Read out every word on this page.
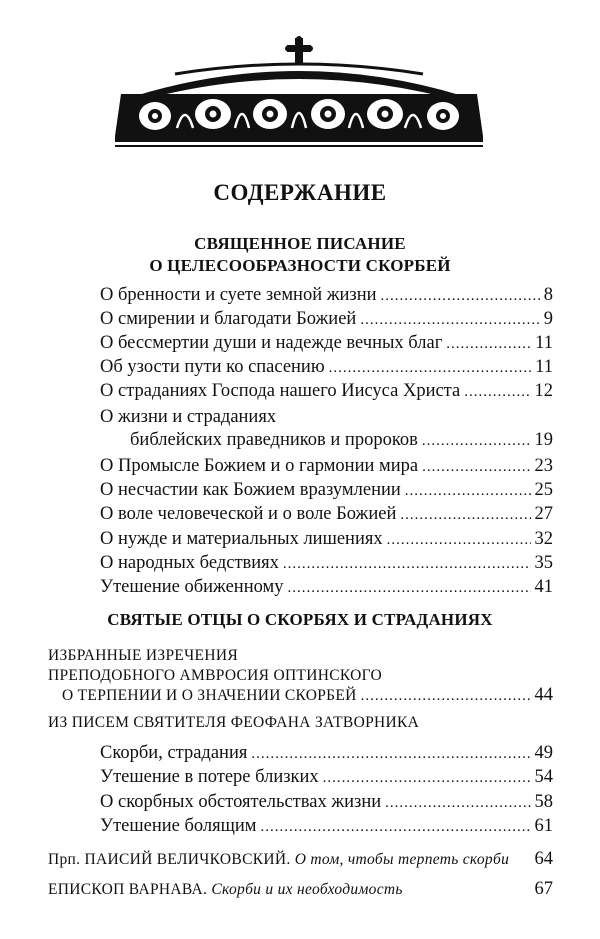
СОДЕРЖАНИЕ
СВЯЩЕННОЕ ПИСАНИЕ
О ЦЕЛЕСООБРАЗНОСТИ СКОРБЕЙ
О бренности и суете земной жизни .....	8
О смирении и благодати Божией .....	9
О бессмертии души и надежде вечных благ .....	11
Об узости пути ко спасению .....	11
О страданиях Господа нашего Иисуса Христа .....	12
О жизни и страданиях
библейских праведников и пророков .....	19
О Промысле Божием и о гармонии мира .....	23
О несчастии как Божием вразумлении .....	25
О воле человеческой и о воле Божией .....	27
О нужде и материальных лишениях .....	32
О народных бедствиях .....	35
Утешение обиженному .....	41
СВЯТЫЕ ОТЦЫ О СКОРБЯХ И СТРАДАНИЯХ
ИЗБРАННЫЕ ИЗРЕЧЕНИЯ
ПРЕПОДОБНОГО АМВРОСИЯ ОПТИНСКОГО
О ТЕРПЕНИИ И О ЗНАЧЕНИИ СКОРБЕЙ .....	44
ИЗ ПИСЕМ СВЯТИТЕЛЯ ФЕОФАНА ЗАТВОРНИКА
Скорби, страдания .....	49
Утешение в потере близких .....	54
О скорбных обстоятельствах жизни .....	58
Утешение болящим .....	61
Прп. ПАИСИЙ ВЕЛИЧКОВСКИЙ. О том, чтобы терпеть скорби 64
ЕПИСКОП ВАРНАВА. Скорби и их необходимость	67
